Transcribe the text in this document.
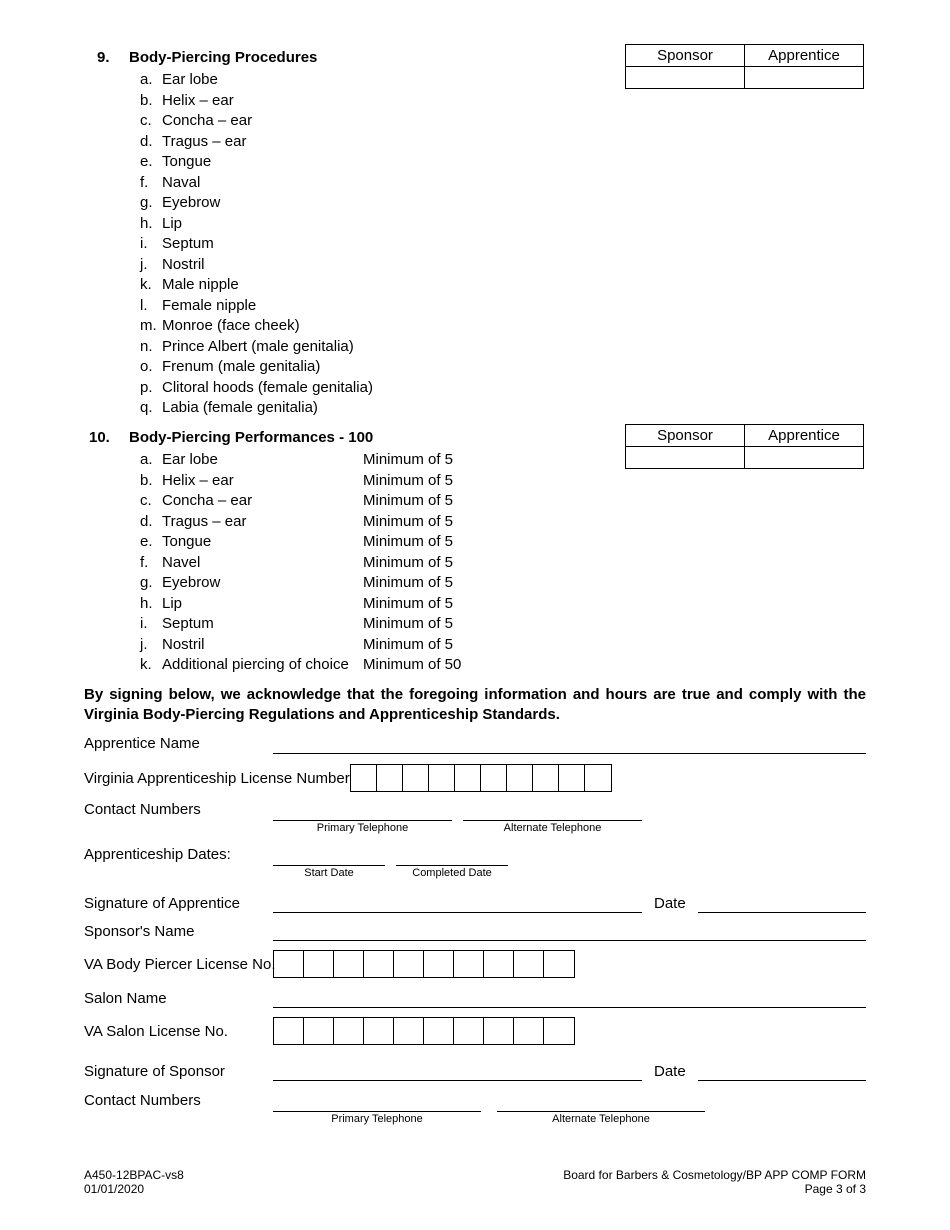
9. Body-Piercing Procedures	Sponsor	Apprentice

a. Ear lobe
b. Helix – ear
c. Concha – ear
d. Tragus – ear
e. Tongue
f. Naval
g. Eyebrow
h. Lip
i. Septum
j. Nostril
k. Male nipple
l. Female nipple
m. Monroe (face cheek)
n. Prince Albert (male genitalia)
o. Frenum (male genitalia)
p. Clitoral hoods (female genitalia)
q. Labia (female genitalia)
10. Body-Piercing Performances - 100	Sponsor	Apprentice

a. Ear lobe	Minimum of 5
b. Helix – ear	Minimum of 5
c. Concha – ear	Minimum of 5
d. Tragus – ear	Minimum of 5
e. Tongue	Minimum of 5
f. Navel	Minimum of 5
g. Eyebrow	Minimum of 5
h. Lip	Minimum of 5
i. Septum	Minimum of 5
j. Nostril	Minimum of 5
k. Additional piercing of choice Minimum of 50
By signing below, we acknowledge that the foregoing information and hours are true and comply with the Virginia Body-Piercing Regulations and Apprenticeship Standards.
Apprentice Name
Virginia Apprenticeship License Number
Contact Numbers
Primary Telephone	Alternate Telephone
Apprenticeship Dates:
Start Date	Completed Date
Signature of Apprentice	Date
Sponsor's Name
VA Body Piercer License No.
Salon Name
VA Salon License No.
Signature of Sponsor	Date
Contact Numbers
Primary Telephone	Alternate Telephone
A450-12BPAC-vs8
01/01/2020
Board for Barbers & Cosmetology/BP APP COMP FORM
Page 3 of 3
